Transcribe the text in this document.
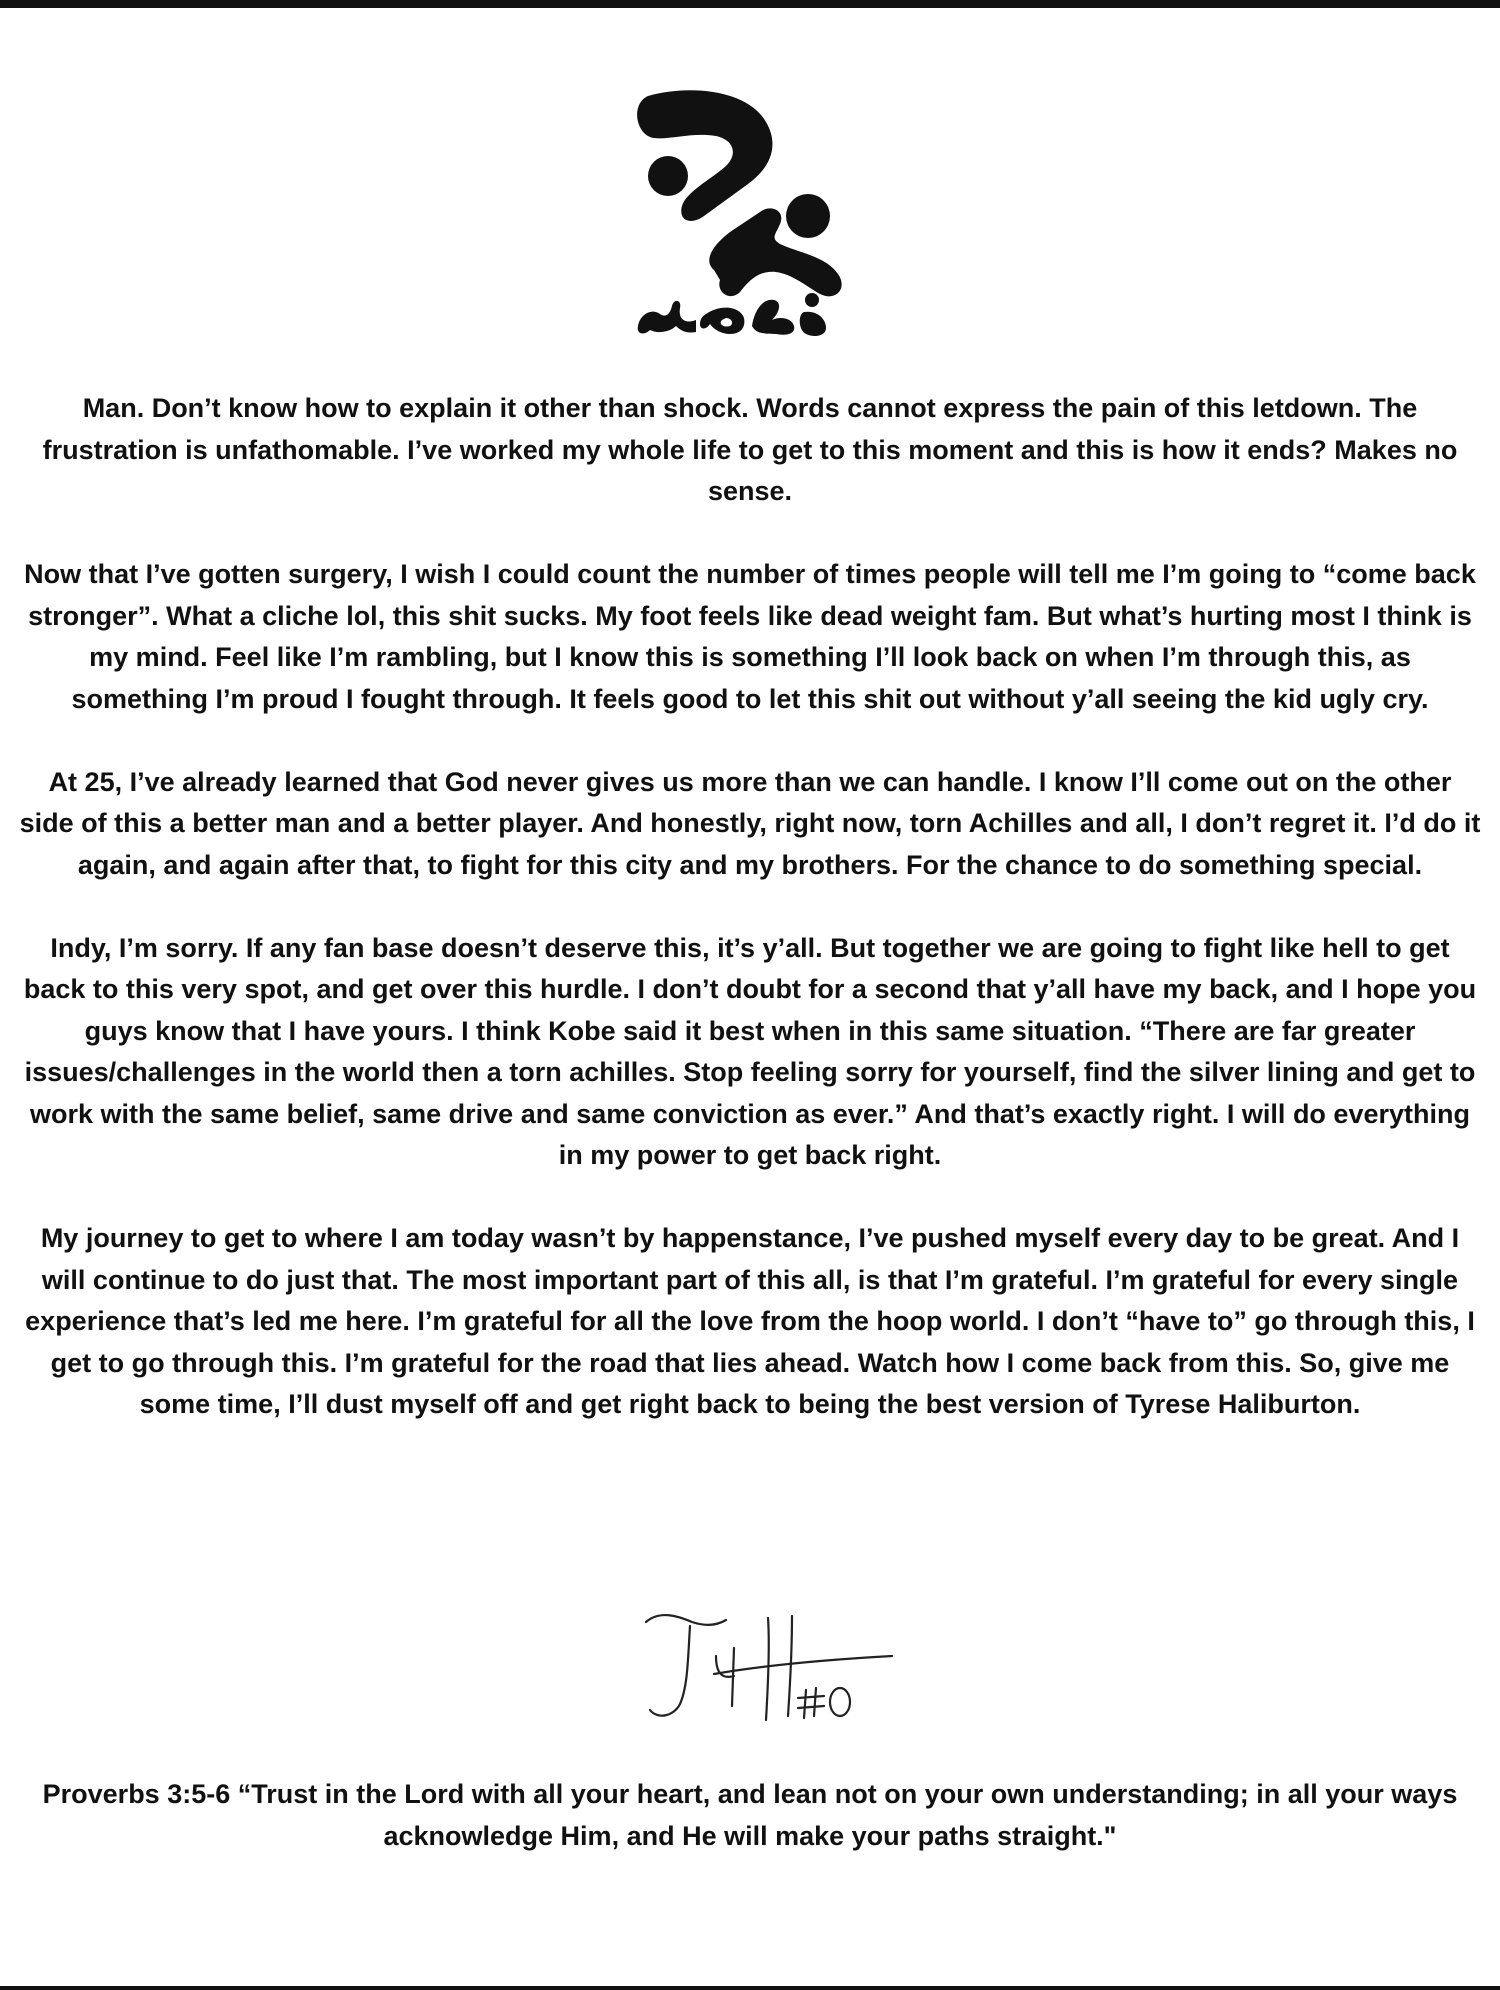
Man. Don’t know how to explain it other than shock. Words cannot express the pain of this letdown. The frustration is unfathomable. I’ve worked my whole life to get to this moment and this is how it ends? Makes no sense.

Now that I’ve gotten surgery, I wish I could count the number of times people will tell me I’m going to “come back stronger”. What a cliche lol, this shit sucks. My foot feels like dead weight fam. But what’s hurting most I think is my mind. Feel like I’m rambling, but I know this is something I’ll look back on when I’m through this, as something I’m proud I fought through. It feels good to let this shit out without y’all seeing the kid ugly cry.

At 25, I’ve already learned that God never gives us more than we can handle. I know I’ll come out on the other side of this a better man and a better player. And honestly, right now, torn Achilles and all, I don’t regret it. I’d do it again, and again after that, to fight for this city and my brothers. For the chance to do something special.

Indy, I’m sorry. If any fan base doesn’t deserve this, it’s y’all. But together we are going to fight like hell to get back to this very spot, and get over this hurdle. I don’t doubt for a second that y’all have my back, and I hope you guys know that I have yours. I think Kobe said it best when in this same situation. “There are far greater issues/challenges in the world then a torn achilles. Stop feeling sorry for yourself, find the silver lining and get to work with the same belief, same drive and same conviction as ever.” And that’s exactly right. I will do everything in my power to get back right.

My journey to get to where I am today wasn’t by happenstance, I’ve pushed myself every day to be great. And I will continue to do just that. The most important part of this all, is that I’m grateful. I’m grateful for every single experience that’s led me here. I’m grateful for all the love from the hoop world. I don’t “have to” go through this, I get to go through this. I’m grateful for the road that lies ahead. Watch how I come back from this. So, give me some time, I’ll dust myself off and get right back to being the best version of Tyrese Haliburton.

Proverbs 3:5-6 “Trust in the Lord with all your heart, and lean not on your own understanding; in all your ways acknowledge Him, and He will make your paths straight."
